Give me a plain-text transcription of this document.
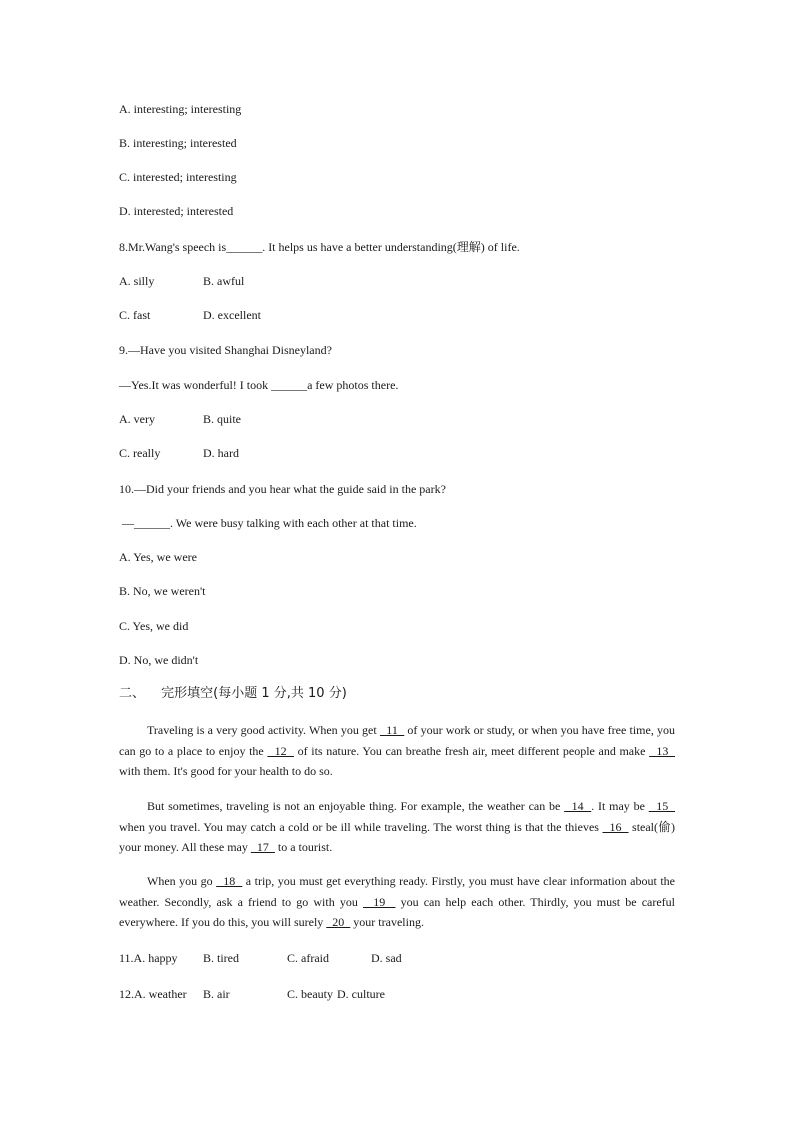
A. interesting; interesting
B. interesting; interested
C. interested; interesting
D. interested; interested
8.Mr.Wang's speech is______. It helps us have a better understanding(理解) of life.
A. silly	B. awful
C. fast	D. excellent
9.—Have you visited Shanghai Disneyland?
—Yes.It was wonderful! I took ______a few photos there.
A. very	B. quite
C. really	D. hard
10.—Did your friends and you hear what the guide said in the park?
—______. We were busy talking with each other at that time.
A. Yes, we were
B. No, we weren't
C. Yes, we did
D. No, we didn't
二、 完形填空(每小题 1 分,共 10 分)
Traveling is a very good activity. When you get   11   of your work or study, or when you have free time, you can go to a place to enjoy the   12   of its nature. You can breathe fresh air, meet different people and make   13   with them. It's good for your health to do so.
But sometimes, traveling is not an enjoyable thing. For example, the weather can be   14  . It may be   15   when you travel. You may catch a cold or be ill while traveling. The worst thing is that the thieves   16   steal(偷) your money. All these may   17   to a tourist.
When you go   18   a trip, you must get everything ready. Firstly, you must have clear information about the weather. Secondly, ask a friend to go with you   19   you can help each other. Thirdly, you must be careful everywhere. If you do this, you will surely   20   your traveling.
11.A. happy B. tired	C. afraid	D. sad
12.A. weather B. air	C. beauty D. culture
